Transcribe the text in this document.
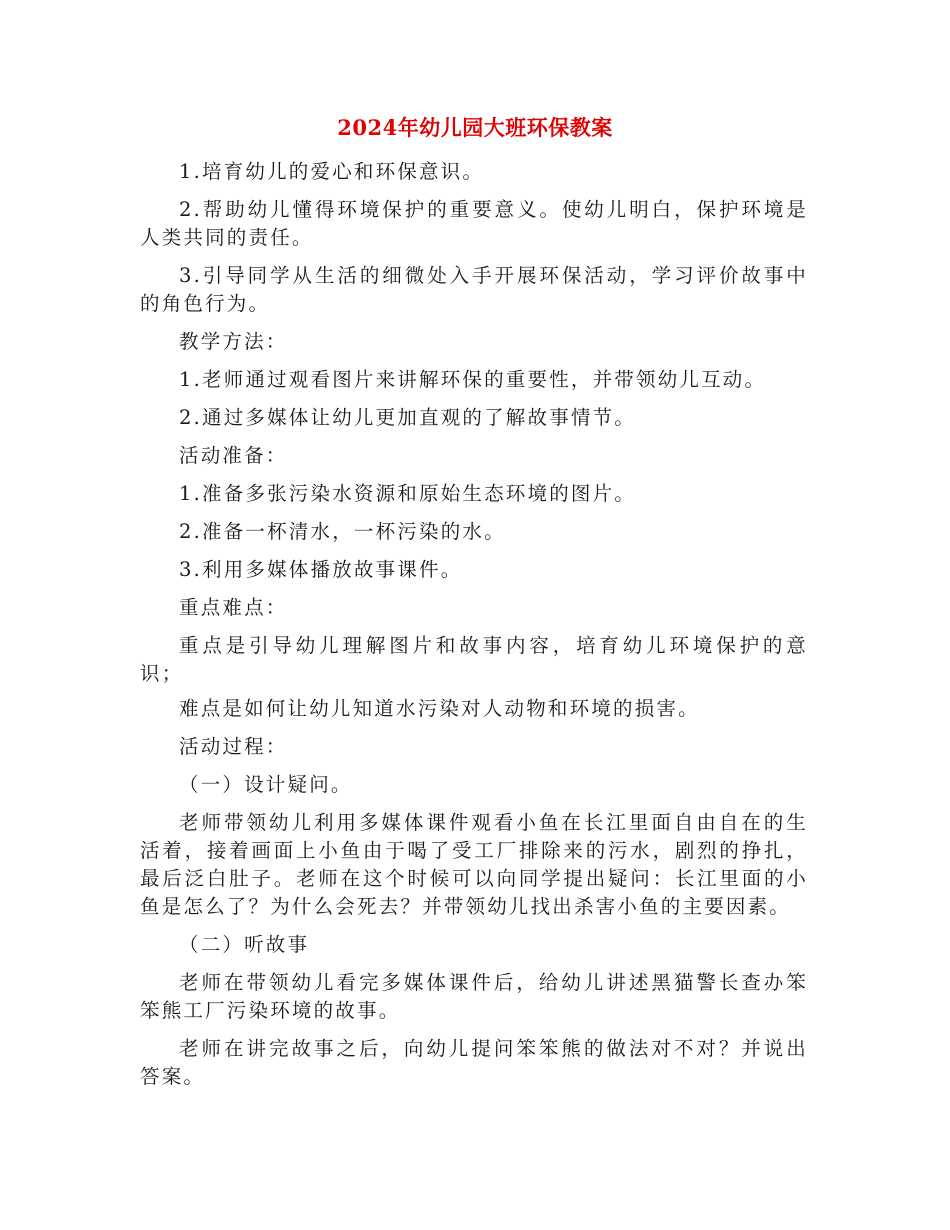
2024年幼儿园大班环保教案

1.培育幼儿的爱心和环保意识。

2.帮助幼儿懂得环境保护的重要意义。使幼儿明白，保护环境是人类共同的责任。

3.引导同学从生活的细微处入手开展环保活动，学习评价故事中的角色行为。

教学方法：

1.老师通过观看图片来讲解环保的重要性，并带领幼儿互动。

2.通过多媒体让幼儿更加直观的了解故事情节。

活动准备：

1.准备多张污染水资源和原始生态环境的图片。

2.准备一杯清水，一杯污染的水。

3.利用多媒体播放故事课件。

重点难点：

重点是引导幼儿理解图片和故事内容，培育幼儿环境保护的意识；

难点是如何让幼儿知道水污染对人动物和环境的损害。

活动过程：

（一）设计疑问。

老师带领幼儿利用多媒体课件观看小鱼在长江里面自由自在的生活着，接着画面上小鱼由于喝了受工厂排除来的污水，剧烈的挣扎，最后泛白肚子。老师在这个时候可以向同学提出疑问：长江里面的小鱼是怎么了？为什么会死去？并带领幼儿找出杀害小鱼的主要因素。

（二）听故事

老师在带领幼儿看完多媒体课件后，给幼儿讲述黑猫警长查办笨笨熊工厂污染环境的故事。

老师在讲完故事之后，向幼儿提问笨笨熊的做法对不对？并说出答案。
